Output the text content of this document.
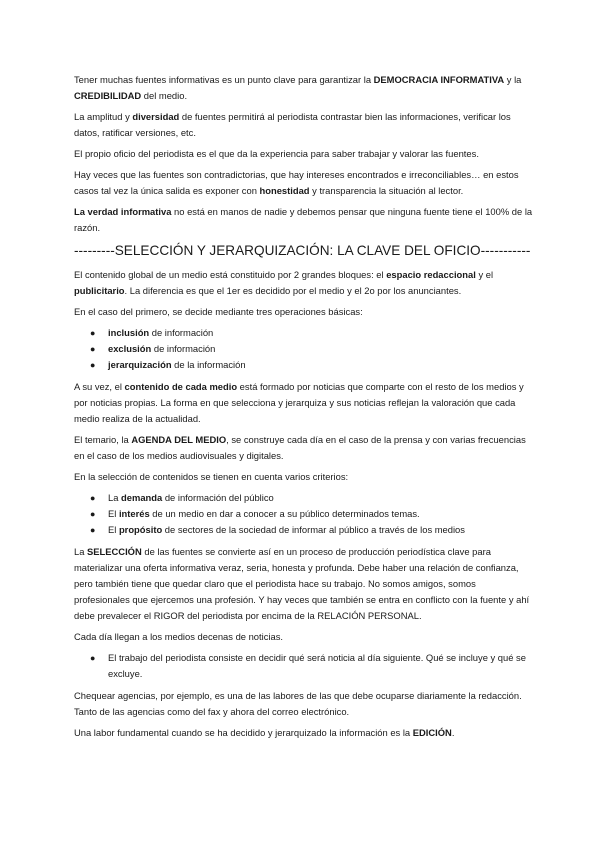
Tener muchas fuentes informativas es un punto clave para garantizar la DEMOCRACIA INFORMATIVA y la CREDIBILIDAD del medio.

La amplitud y diversidad de fuentes permitirá al periodista contrastar bien las informaciones, verificar los datos, ratificar versiones, etc.

El propio oficio del periodista es el que da la experiencia para saber trabajar y valorar las fuentes.

Hay veces que las fuentes son contradictorias, que hay intereses encontrados e irreconciliables… en estos casos tal vez la única salida es exponer con honestidad y transparencia la situación al lector.

La verdad informativa no está en manos de nadie y debemos pensar que ninguna fuente tiene el 100% de la razón.

---------SELECCIÓN Y JERARQUIZACIÓN: LA CLAVE DEL OFICIO-----------

El contenido global de un medio está constituido por 2 grandes bloques: el espacio redaccional y el publicitario. La diferencia es que el 1er es decidido por el medio y el 2o por los anunciantes.

En el caso del primero, se decide mediante tres operaciones básicas:

● inclusión de información
● exclusión de información
● jerarquización de la información

A su vez, el contenido de cada medio está formado por noticias que comparte con el resto de los medios y por noticias propias. La forma en que selecciona y jerarquiza y sus noticias reflejan la valoración que cada medio realiza de la actualidad.

El temario, la AGENDA DEL MEDIO, se construye cada día en el caso de la prensa y con varias frecuencias en el caso de los medios audiovisuales y digitales.

En la selección de contenidos se tienen en cuenta varios criterios:

● La demanda de información del público
● El interés de un medio en dar a conocer a su público determinados temas.
● El propósito de sectores de la sociedad de informar al público a través de los medios

La SELECCIÓN de las fuentes se convierte así en un proceso de producción periodística clave para materializar una oferta informativa veraz, seria, honesta y profunda. Debe haber una relación de confianza, pero también tiene que quedar claro que el periodista hace su trabajo. No somos amigos, somos profesionales que ejercemos una profesión. Y hay veces que también se entra en conflicto con la fuente y ahí debe prevalecer el RIGOR del periodista por encima de la RELACIÓN PERSONAL.

Cada día llegan a los medios decenas de noticias.

● El trabajo del periodista consiste en decidir qué será noticia al día siguiente. Qué se incluye y qué se excluye.

Chequear agencias, por ejemplo, es una de las labores de las que debe ocuparse diariamente la redacción. Tanto de las agencias como del fax y ahora del correo electrónico.

Una labor fundamental cuando se ha decidido y jerarquizado la información es la EDICIÓN.
